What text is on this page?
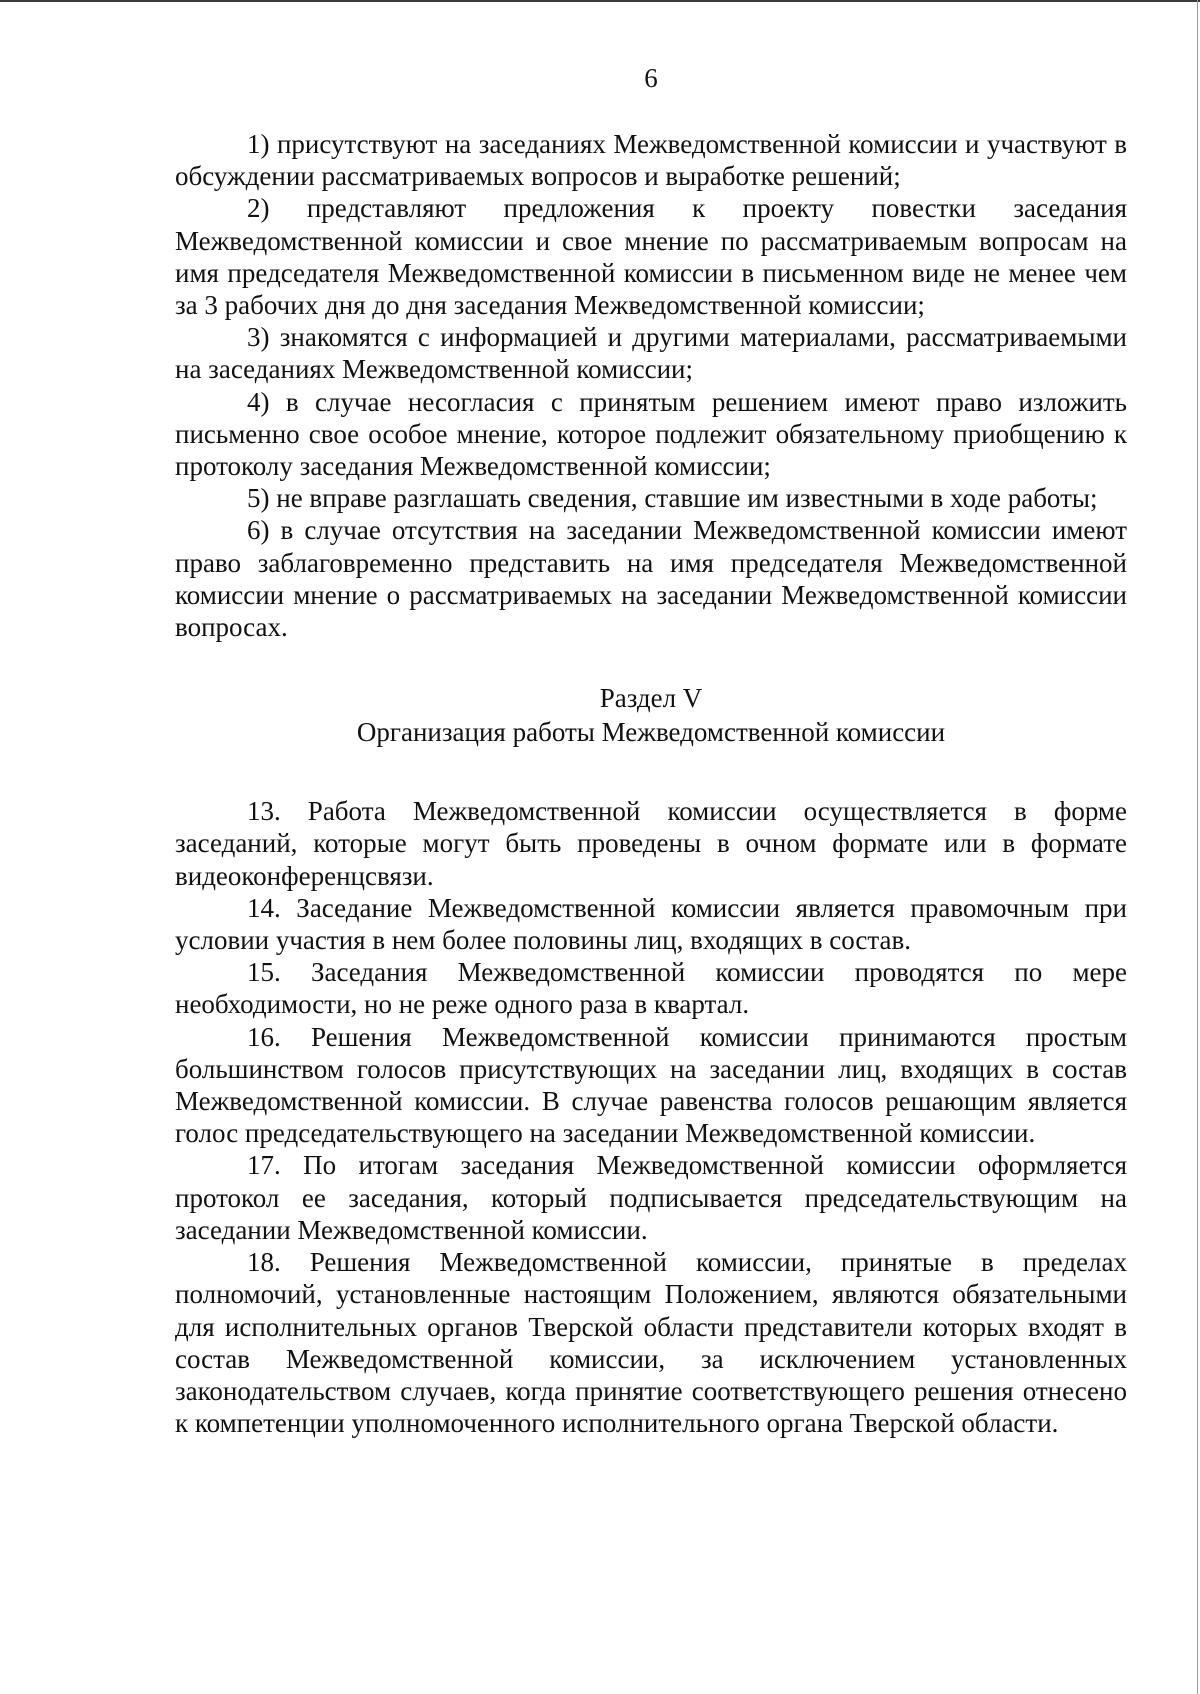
6

1) присутствуют на заседаниях Межведомственной комиссии и участвуют в обсуждении рассматриваемых вопросов и выработке решений;

2) представляют предложения к проекту повестки заседания Межведомственной комиссии и свое мнение по рассматриваемым вопросам на имя председателя Межведомственной комиссии в письменном виде не менее чем за 3 рабочих дня до дня заседания Межведомственной комиссии;

3) знакомятся с информацией и другими материалами, рассматриваемыми на заседаниях Межведомственной комиссии;

4) в случае несогласия с принятым решением имеют право изложить письменно свое особое мнение, которое подлежит обязательному приобщению к протоколу заседания Межведомственной комиссии;

5) не вправе разглашать сведения, ставшие им известными в ходе работы;

6) в случае отсутствия на заседании Межведомственной комиссии имеют право заблаговременно представить на имя председателя Межведомственной комиссии мнение о рассматриваемых на заседании Межведомственной комиссии вопросах.

Раздел V
Организация работы Межведомственной комиссии

13. Работа Межведомственной комиссии осуществляется в форме заседаний, которые могут быть проведены в очном формате или в формате видеоконференцсвязи.

14. Заседание Межведомственной комиссии является правомочным при условии участия в нем более половины лиц, входящих в состав.

15. Заседания Межведомственной комиссии проводятся по мере необходимости, но не реже одного раза в квартал.

16. Решения Межведомственной комиссии принимаются простым большинством голосов присутствующих на заседании лиц, входящих в состав Межведомственной комиссии. В случае равенства голосов решающим является голос председательствующего на заседании Межведомственной комиссии.

17. По итогам заседания Межведомственной комиссии оформляется протокол ее заседания, который подписывается председательствующим на заседании Межведомственной комиссии.

18. Решения Межведомственной комиссии, принятые в пределах полномочий, установленные настоящим Положением, являются обязательными для исполнительных органов Тверской области представители которых входят в состав Межведомственной комиссии, за исключением установленных законодательством случаев, когда принятие соответствующего решения отнесено к компетенции уполномоченного исполнительного органа Тверской области.
